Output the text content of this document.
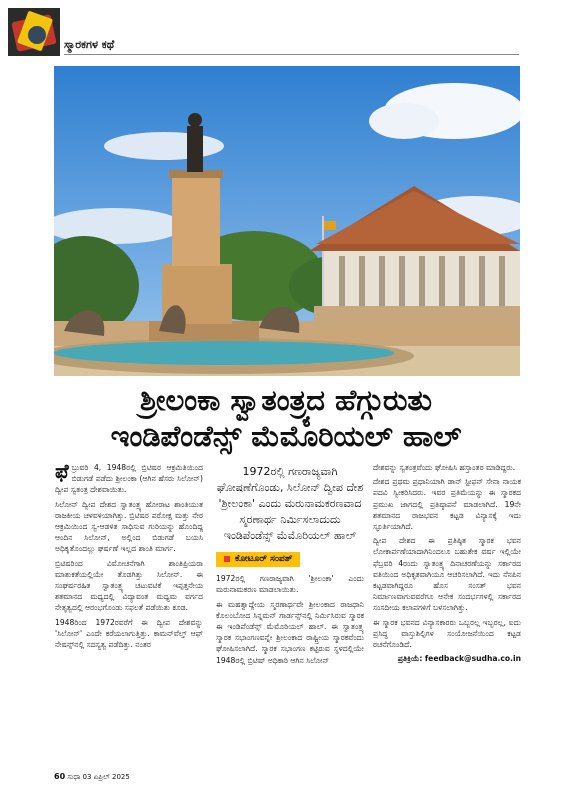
ಸ್ಮಾರಕಗಳ ಕಥೆ
ಶ್ರೀಲಂಕಾ ಸ್ವಾತಂತ್ರ್ಯದ ಹೆಗ್ಗುರುತು
ಇಂಡಿಪೆಂಡೆನ್ಸ್ ಮೆಮೊರಿಯಲ್ ಹಾಲ್

ಫೆಬ್ರುವರಿ 4, 1948ರಲ್ಲಿ ಬ್ರಿಟಿಷರ ಆಕ್ರಮಿತಿಯಿಂದ ಬಿಡುಗಡೆ ಪಡೆದು ಶ್ರೀಲಂಕಾ (ಆಗಿನ ಹೆಸರು ಸಿಲೋನ್) ದ್ವೀಪ ಸ್ವತಂತ್ರ ದೇಶವಾಯಿತು.

ಸಿಲೋನ್ ದ್ವೀಪ ದೇಶದ ಸ್ವಾತಂತ್ರ್ಯ ಹೋರಾಟ ಶಾಂತಿಯುತ ರಾಜಕೀಯ ಚಳವಳಿಯಾಗಿತ್ತು. ಬ್ರಿಟಿಷರ ಪರೋಕ್ಷ ಮತ್ತು ನೇರ ಆಕ್ರಮಿಯಿಂದ ಸ್ವ-ಆಡಳಿತ ಸಾಧಿಸುವ ಗುರಿಯನ್ನು ಹೊಂದಿದ್ದ ಆಂದಿನ ಸಿಲೋನ್, ಅಲ್ಲಿಂದ ಬಿಡುಗಡೆ ಬಯಸಿ ಅಧಿಕೃತೊಂದಲ್ಲು ಘರ್ಷಣೆ ಇಲ್ಲದ ಶಾಂತಿ ಮಾರ್ಗ.

ಬ್ರಿಟಿಷರಿಂದ ವಿಮೋಚನೆಗಾಗಿ ಶಾಂತಿಪ್ರಿಯರಾ ಮಾತುಕತೆಯಲ್ಲಿಯೇ ತೊಡಗಿತ್ತು ಸಿಲೋನ್. ಈ ಸಂಘರ್ಷರಹಿತ ಸ್ವಾತಂತ್ರ್ಯ ಚಟುವಟಿಕೆ ಇಪ್ಪತ್ತನೇಯ ಶತಮಾನದ ಮಧ್ಯದಲ್ಲಿ ವಿದ್ಯಾವಂತ ಮಧ್ಯಮ ವರ್ಗದ ನೇತೃತ್ವದಲ್ಲಿ ಆರಂಭಗೊಂಡು ಸಫಲತೆ ಪಡೆಯಿತು ಕೂಡ.

1948ರಿಂದ 1972ರವರೆಗೆ ಈ ದ್ವೀಪ ದೇಶವನ್ನು 'ಸಿಲೋನ್' ಎಂದೇ ಕರೆಯಲಾಗುತ್ತಿತ್ತು. ಕಾಮನ್‌ವೆಲ್ತ್ ಆಫ್ ನೇಷನ್ಸ್‌ನಲ್ಲಿ ಸದಸ್ಯತ್ವ ಪಡೆದಿತ್ತು. ನಂತರ

1972ರಲ್ಲಿ ಗಣರಾಜ್ಯವಾಗಿ ಘೋಷಣೆಗೊಂಡು, ಸಿಲೋನ್ ದ್ವೀಪ ದೇಶ 'ಶ್ರೀಲಂಕಾ' ಎಂದು ಮರುನಾಮಕರಣವಾದ ಸ್ಮರಣಾರ್ಥ ನಿರ್ಮಿಸಲಾದುದು ಇಂಡಿಪೆಂಡೆನ್ಸ್ ಮೆಮೊರಿಯಲ್ ಹಾಲ್
ಕೋಟೂರ್ ಸಂಪತ್

1972ರಲ್ಲಿ ಗಣರಾಜ್ಯವಾಗಿ 'ಶ್ರೀಲಂಕಾ' ಎಂದು ಮರುನಾಮಕರಣ ಮಾಡಲಾಯಿತು.

ಈ ಮಹತ್ವಾದ್ದೇಯ ಸ್ಮರಣಾರ್ಥವೇ ಶ್ರೀಲಂಕಾದ ರಾಜಧಾನಿ ಕೊಲಂಬೋದ ಸಿನ್ನಮನ್ ಗಾರ್ಡನ್ಸ್‌ನಲ್ಲಿ ನಿರ್ಮಿಸಿರುವ ಸ್ಮಾರಕ ಈ ಇಂಡಿಪೆಂಡೆನ್ಸ್ ಮೆಮೊರಿಯಲ್ ಹಾಲ್. ಈ ಸ್ವಾತಂತ್ರ್ಯ ಸ್ಮಾರಕ ಸಭಾಂಗಣವನ್ನೇ ಶ್ರೀಲಂಕಾದ ರಾಷ್ಟ್ರೀಯ ಸ್ಮಾರಕವೆಂದು ಘೋಷಿಸಲಾಗಿದೆ. ಸ್ಮಾರಕ ಸಭಾಂಗಣ ಕಟ್ಟಿರುವ ಸ್ಥಳದಲ್ಲಿಯೇ 1948ರಲ್ಲಿ ಬ್ರಿಟಿಷ್ ಅಧಿಕಾರಿ ಆಗಿನ ಸಿಲೋನ್

ದೇಶವನ್ನು ಸ್ವತಂತ್ರವೆಂದು ಘೋಷಿಸಿ ಹಸ್ತಾಂತರ ಮಾಡಿದ್ದರು.

ದೇಶದ ಪ್ರಥಮ ಪ್ರಧಾನಿಯಾಗಿ ಡಾನ್ ಸ್ಟೀಫನ್ ಸೇನಾ ನಾಯಕ ಪದವಿ ಸ್ವೀಕರಿಸಿದರು. ಇವರ ಪ್ರತಿಮೆಯನ್ನು ಈ ಸ್ಮಾರಕದ ಪ್ರಮುಖ ಜಾಗದಲ್ಲಿ ಪ್ರತಿಷ್ಠಾಪನೆ ಮಾಡಲಾಗಿದೆ. 19ನೇ ಶತಮಾನದ ರಾಜಭವನ ಕಟ್ಟಡ ವಿನ್ಯಾಸಕ್ಕೆ ಇದು ಸ್ಫೂರ್ತಿಯಾಗಿದೆ.

ದ್ವೀಪ ದೇಶದ ಈ ಪ್ರತಿಷ್ಠಿತ ಸ್ಮಾರಕ ಭವನ ಲೋಕಾರ್ಪಣೆಯಾದಾಗಿನಿಂದಲೂ ಬಹುತೇಕ ವರ್ಷ ಇಲ್ಲಿಯೇ ಫೆಬ್ರವರಿ 4ರಂದು ಸ್ವಾತಂತ್ರ್ಯ ದಿನಾಚರಣೆಯನ್ನು ಸರ್ಕಾರದ ವತಿಯಿಂದ ಅಧಿಕೃತವಾಗಿಯೂ ಆಚರಿಸಲಾಗಿದೆ. ಇದು ನೆನಪಿನ ಕಟ್ಟಡವಾಗಿದ್ದರೂ ಹೊಸ ಸಂಸತ್ ಭವನ ನಿರ್ಮಾಣವಾಗುವವರೆಗೂ ಆನೇಕ ಸಂದರ್ಭಗಳಲ್ಲಿ ಸರ್ಕಾರದ ಸಂಸದೀಯ ಕಲಾಪಗಳಿಗೆ ಬಳಸಲಾಗಿತ್ತು.

ಈ ಸ್ಮಾರಕ ಭವನದ ವಿನ್ಯಾಸಕಾರರು ಒಬ್ಬರಲ್ಲ ಇಬ್ಬರಲ್ಲ, ಐದು ಪ್ರಸಿದ್ಧ ವಾಸ್ತುಶಿಲ್ಪಿಗಳ ಸಂಯೋಜನೆಯಿಂದ ಕಟ್ಟಡ ರಚನೆಗೊಂಡಿದೆ.

ಪ್ರತಿಕ್ರಿಯೆ: feedback@sudha.co.in
60 ಸುಧಾ 03 ಏಪ್ರಿಲ್ 2025
